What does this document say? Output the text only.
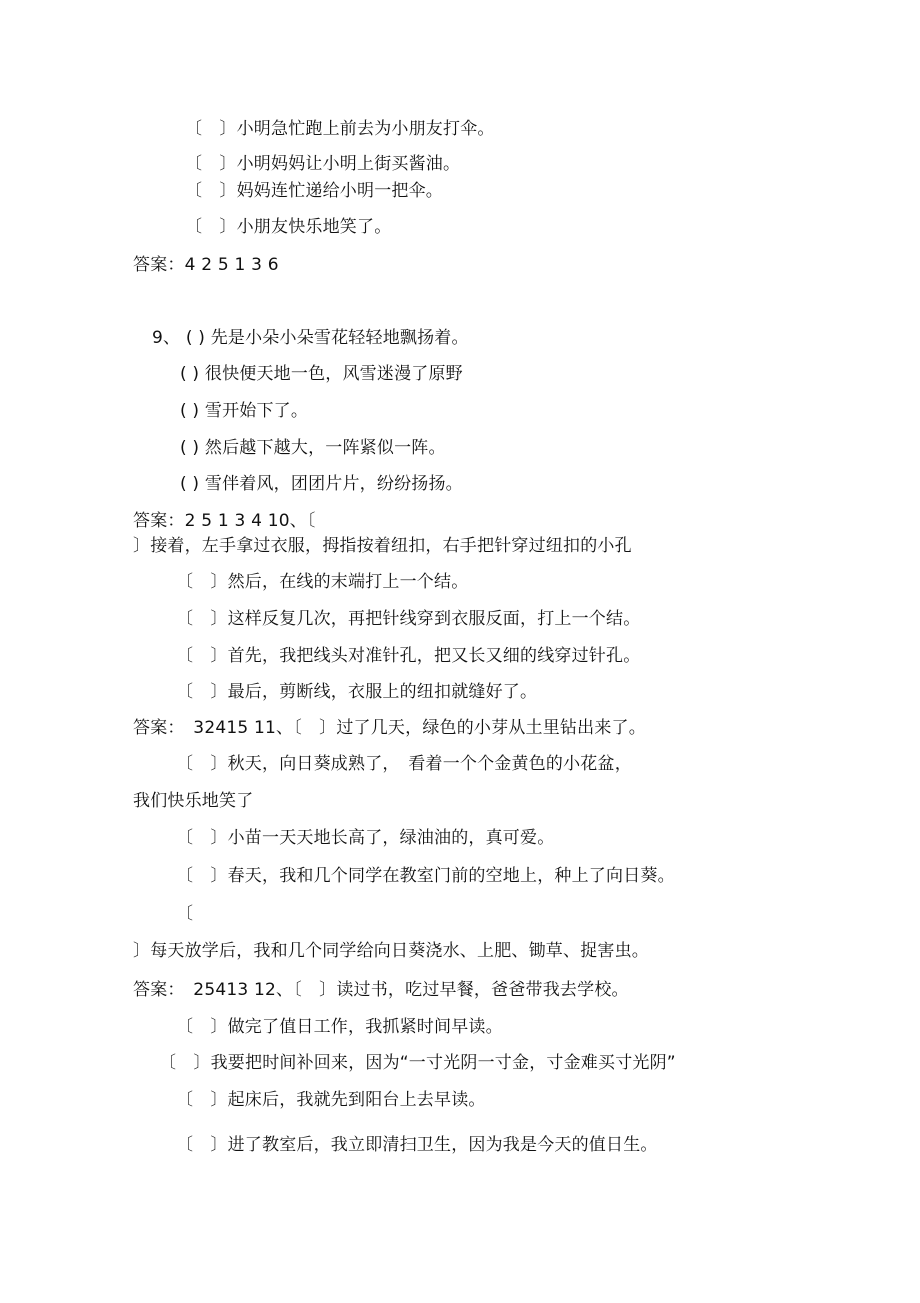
〔　〕小明急忙跑上前去为小朋友打伞。
〔　〕小明妈妈让小明上街买酱油。
〔　〕妈妈连忙递给小明一把伞。
〔　〕小朋友快乐地笑了。
答案：4 2 5 1 3 6
9、 ( ) 先是小朵小朵雪花轻轻地飘扬着。
( ) 很快便天地一色，风雪迷漫了原野
( ) 雪开始下了。
( ) 然后越下越大，一阵紧似一阵。
( ) 雪伴着风，团团片片，纷纷扬扬。
答案：2 5 1 3 4 10、〔
〕接着，左手拿过衣服，拇指按着纽扣，右手把针穿过纽扣的小孔
〔　〕然后，在线的末端打上一个结。
〔　〕这样反复几次，再把针线穿到衣服反面，打上一个结。
〔　〕首先，我把线头对准针孔，把又长又细的线穿过针孔。
〔　〕最后，剪断线，衣服上的纽扣就缝好了。
答案：　32415 11、〔　〕过了几天，绿色的小芽从土里钻出来了。
〔　〕秋天，向日葵成熟了，　看着一个个金黄色的小花盆，
我们快乐地笑了
〔　〕小苗一天天地长高了，绿油油的，真可爱。
〔　〕春天，我和几个同学在教室门前的空地上，种上了向日葵。
〔
〕每天放学后，我和几个同学给向日葵浇水、上肥、锄草、捉害虫。
答案：　25413 12、〔　〕读过书，吃过早餐，爸爸带我去学校。
〔　〕做完了值日工作，我抓紧时间早读。
〔　〕我要把时间补回来，因为“一寸光阴一寸金，寸金难买寸光阴”
〔　〕起床后，我就先到阳台上去早读。
〔　〕进了教室后，我立即清扫卫生，因为我是今天的值日生。
